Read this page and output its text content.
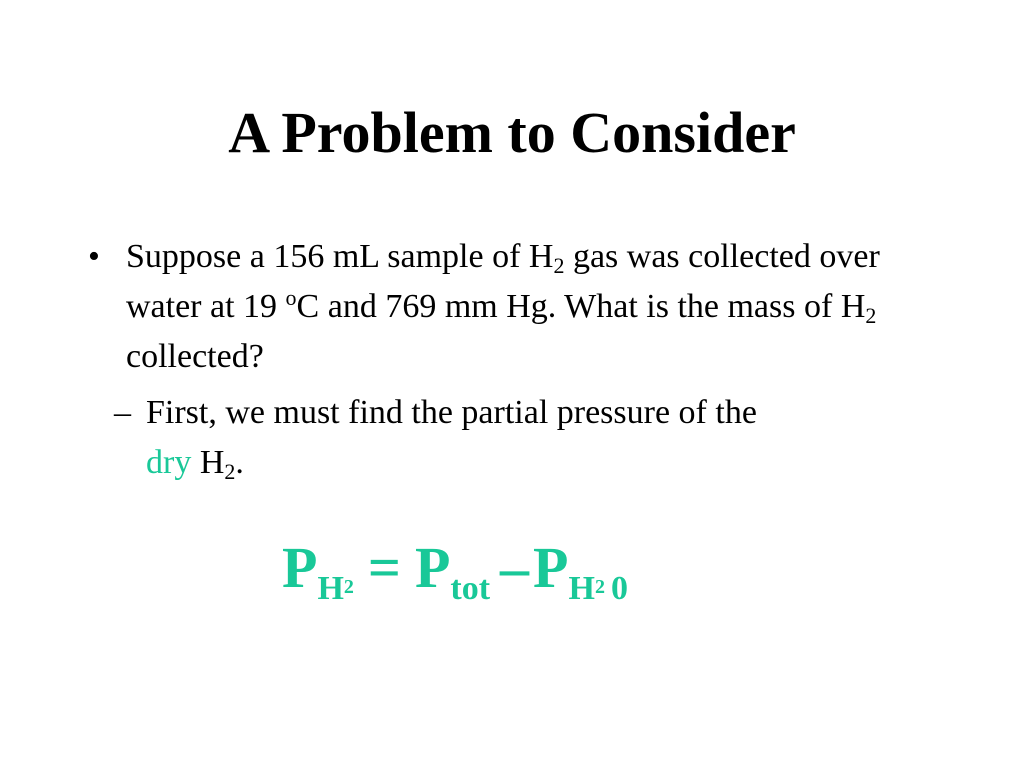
A Problem to Consider
• Suppose a 156 mL sample of $H_2$ gas was collected over water at 19 $^o$C and 769 mm Hg. What is the mass of $H_2$ collected?
– First, we must find the partial pressure of the
dry $H_2$.
PH2 = Ptot –PH2 0
